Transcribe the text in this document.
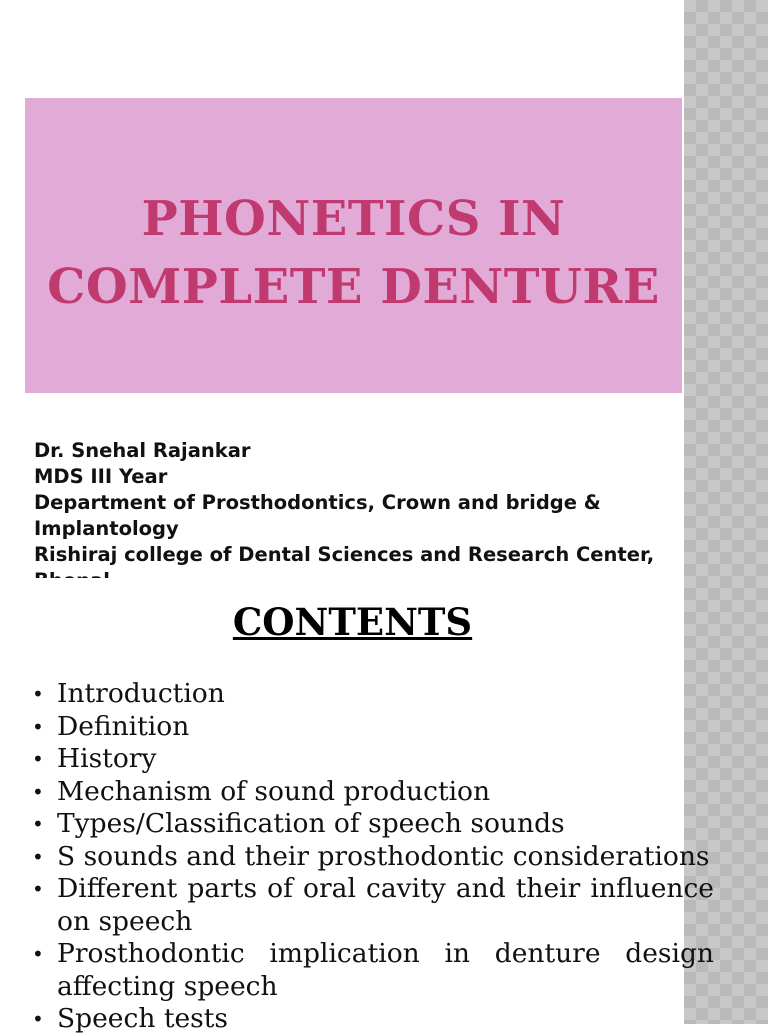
PHONETICS IN
COMPLETE DENTURE
Dr. Snehal Rajankar
MDS III Year
Department of Prosthodontics, Crown and bridge & Implantology
Rishiraj college of Dental Sciences and Research Center,
CONTENTS
• Introduction
• Definition
• History
• Mechanism of sound production
• Types/Classification of speech sounds
• S sounds and their prosthodontic considerations
• Different parts of oral cavity and their influence on speech
• Prosthodontic implication in denture design affecting speech
• Speech tests
